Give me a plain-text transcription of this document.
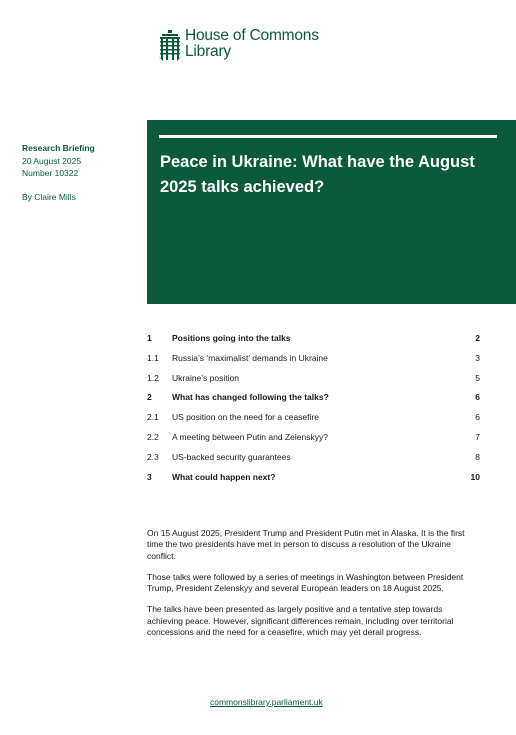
House of Commons
Library
Research Briefing
20 August 2025
Number 10322
By Claire Mills
Peace in Ukraine: What have the August 2025 talks achieved?
1 Positions going into the talks	2
1.1 Russia’s ‘maximalist’ demands in Ukraine	3
1.2 Ukraine’s position	5
2 What has changed following the talks?	6
2.1 US position on the need for a ceasefire	6
2.2 A meeting between Putin and Zelenskyy?	7
2.3 US-backed security guarantees	8
3 What could happen next?	10

On 15 August 2025, President Trump and President Putin met in Alaska. It is the first time the two presidents have met in person to discuss a resolution of the Ukraine conflict.

Those talks were followed by a series of meetings in Washington between President Trump, President Zelenskyy and several European leaders on 18 August 2025.

The talks have been presented as largely positive and a tentative step towards achieving peace. However, significant differences remain, including over territorial concessions and the need for a ceasefire, which may yet derail progress.

commonslibrary.parliament.uk
